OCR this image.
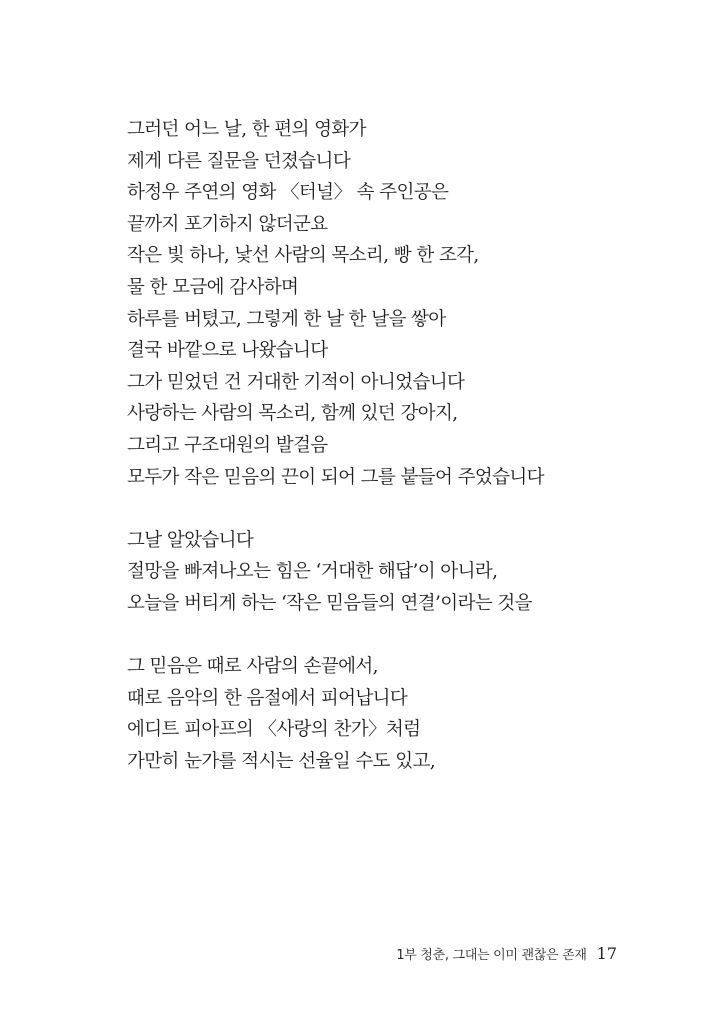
그러던 어느 날, 한 편의 영화가
제게 다른 질문을 던졌습니다
하정우 주연의 영화 〈터널〉 속 주인공은
끝까지 포기하지 않더군요
작은 빛 하나, 낯선 사람의 목소리, 빵 한 조각,
물 한 모금에 감사하며
하루를 버텼고, 그렇게 한 날 한 날을 쌓아
결국 바깥으로 나왔습니다
그가 믿었던 건 거대한 기적이 아니었습니다
사랑하는 사람의 목소리, 함께 있던 강아지,
그리고 구조대원의 발걸음
모두가 작은 믿음의 끈이 되어 그를 붙들어 주었습니다
그날 알았습니다
절망을 빠져나오는 힘은 ‘거대한 해답’이 아니라,
오늘을 버티게 하는 ‘작은 믿음들의 연결’이라는 것을
그 믿음은 때로 사람의 손끝에서,
때로 음악의 한 음절에서 피어납니다
에디트 피아프의 〈사랑의 찬가〉처럼
가만히 눈가를 적시는 선율일 수도 있고,
1부 청춘, 그대는 이미 괜찮은 존재 17
